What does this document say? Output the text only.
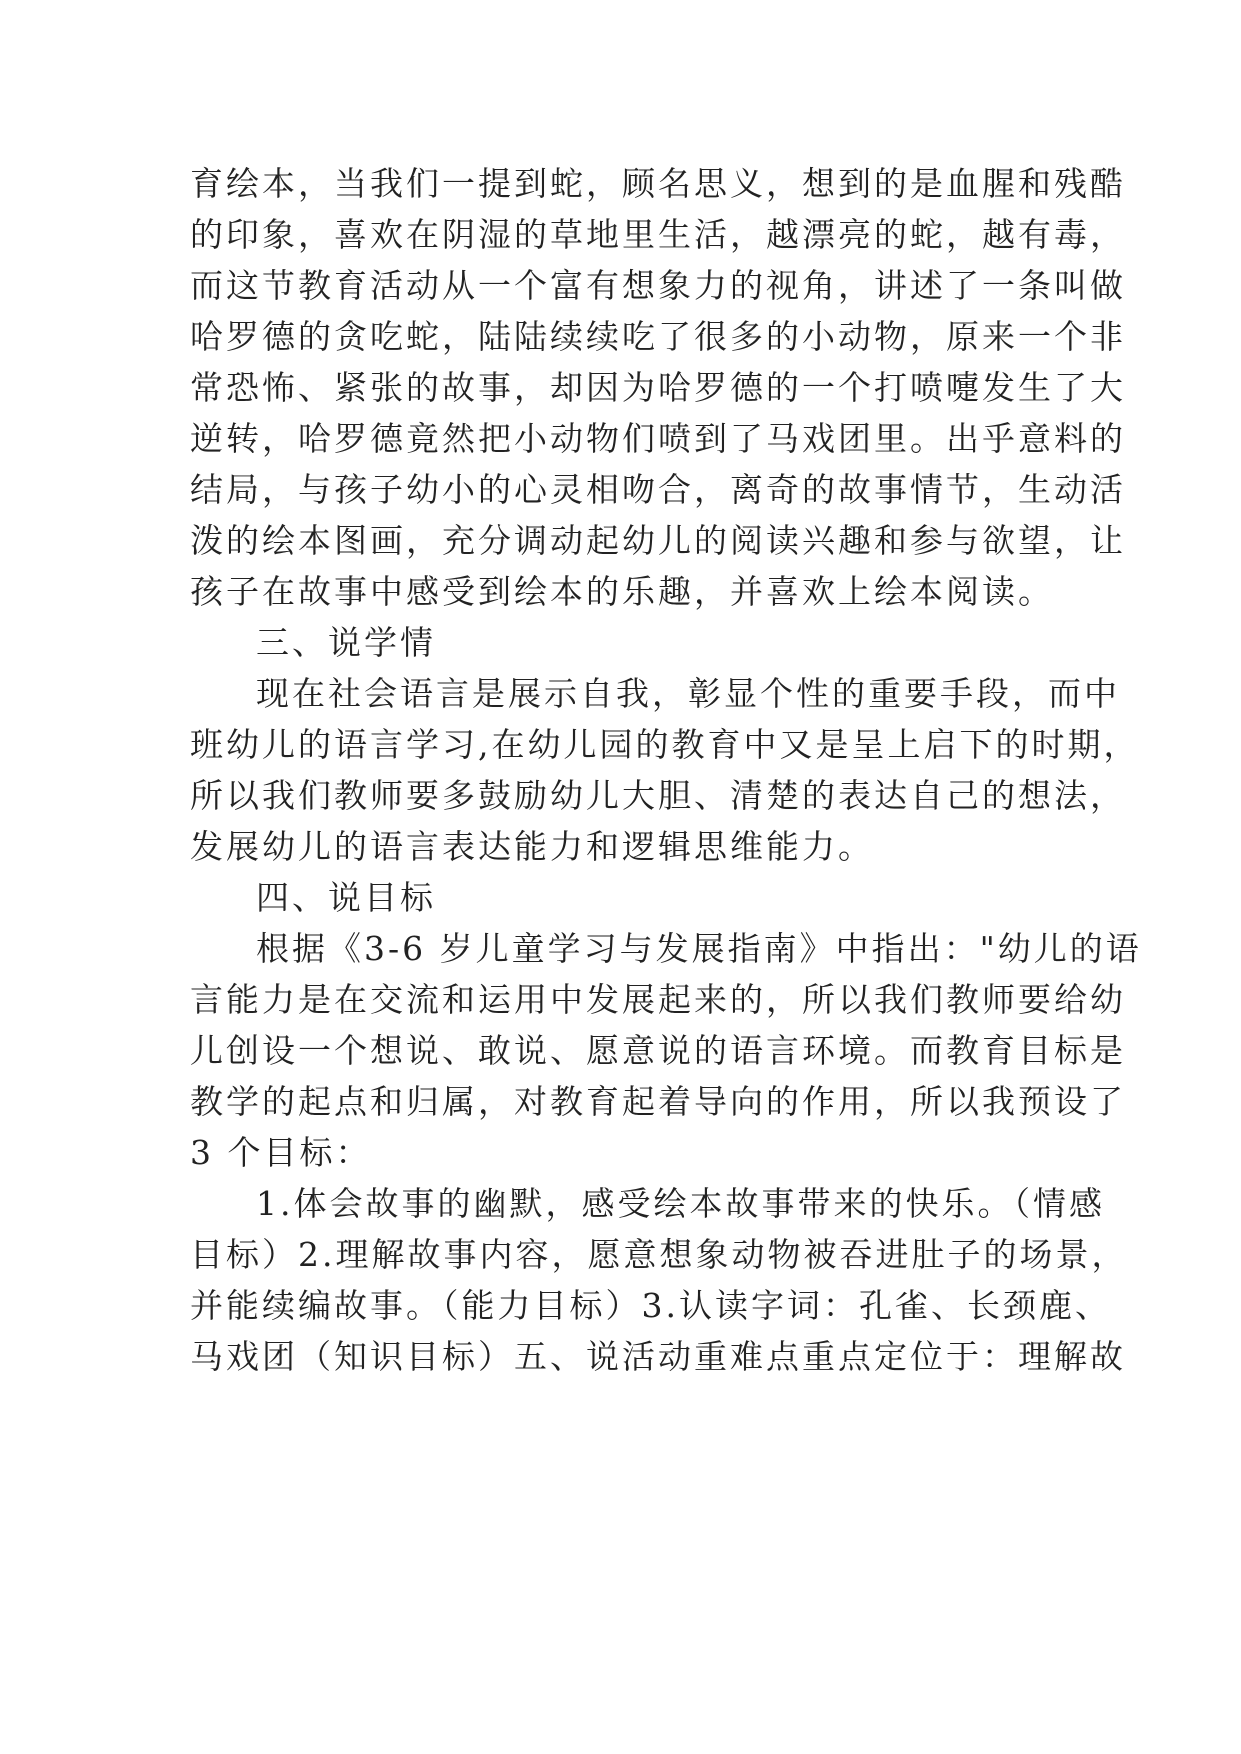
育绘本，当我们一提到蛇，顾名思义，想到的是血腥和残酷
的印象，喜欢在阴湿的草地里生活，越漂亮的蛇，越有毒，
而这节教育活动从一个富有想象力的视角，讲述了一条叫做
哈罗德的贪吃蛇，陆陆续续吃了很多的小动物，原来一个非
常恐怖、紧张的故事，却因为哈罗德的一个打喷嚏发生了大
逆转，哈罗德竟然把小动物们喷到了马戏团里。出乎意料的
结局，与孩子幼小的心灵相吻合，离奇的故事情节，生动活
泼的绘本图画，充分调动起幼儿的阅读兴趣和参与欲望，让
孩子在故事中感受到绘本的乐趣，并喜欢上绘本阅读。
三、说学情
现在社会语言是展示自我，彰显个性的重要手段，而中
班幼儿的语言学习,在幼儿园的教育中又是呈上启下的时期，
所以我们教师要多鼓励幼儿大胆、清楚的表达自己的想法，
发展幼儿的语言表达能力和逻辑思维能力。
四、说目标
根据《3-6 岁儿童学习与发展指南》中指出："幼儿的语
言能力是在交流和运用中发展起来的，所以我们教师要给幼
儿创设一个想说、敢说、愿意说的语言环境。而教育目标是
教学的起点和归属，对教育起着导向的作用，所以我预设了
3 个目标：
1.体会故事的幽默，感受绘本故事带来的快乐。（情感
目标）2.理解故事内容，愿意想象动物被吞进肚子的场景，
并能续编故事。（能力目标）3.认读字词：孔雀、长颈鹿、
马戏团（知识目标）五、说活动重难点重点定位于：理解故
